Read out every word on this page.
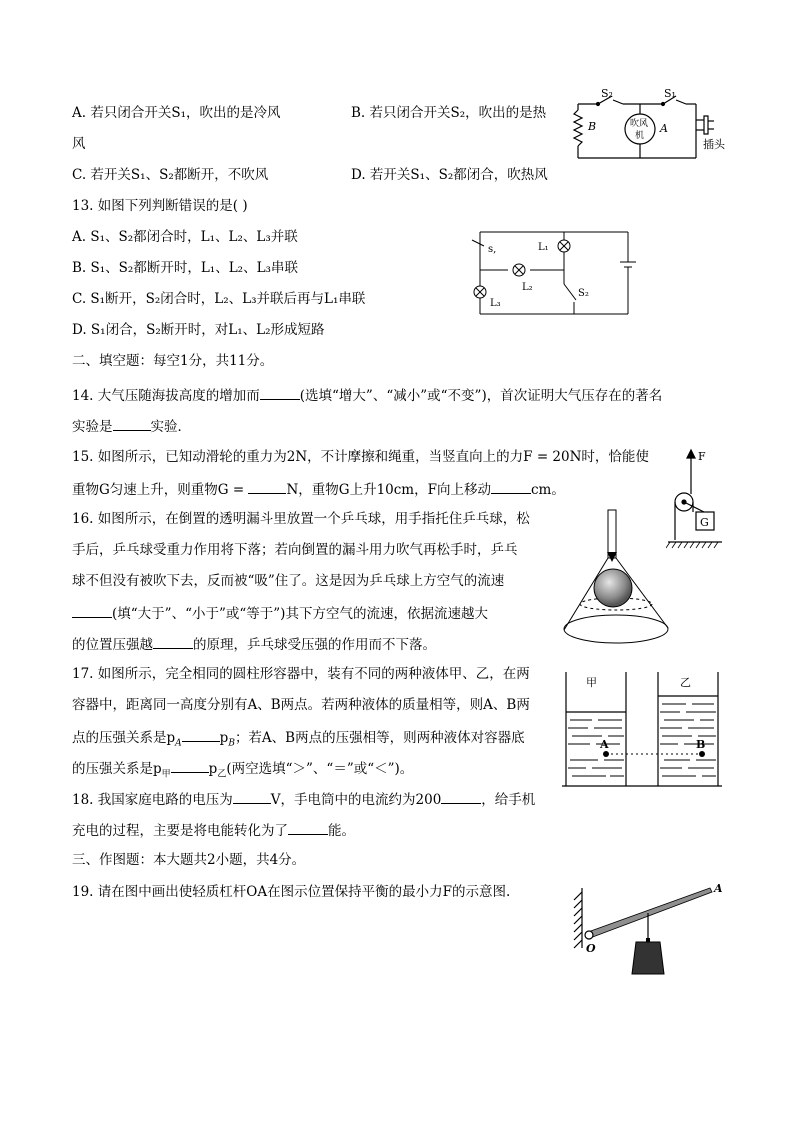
A. 若只闭合开关S₁，吹出的是冷风	B. 若只闭合开关S₂，吹出的是热
风
C. 若开关S₁、S₂都断开，不吹风	D. 若开关S₁、S₂都闭合，吹热风
S₂	S₁
B	吹风
机
A
插头
13. 如图下列判断错误的是( )
A. S₁、S₂都闭合时，L₁、L₂、L₃并联
B. S₁、S₂都断开时，L₁、L₂、L₃串联
C. S₁断开，S₂闭合时，L₂、L₃并联后再与L₁串联
D. S₁闭合，S₂断开时，对L₁、L₂形成短路
s,	L₁
L₂
L₃
S₂
二、填空题：每空1分，共11分。
14. 大气压随海拔高度的增加而	(选填“增大”、“减小”或“不变”)，首次证明大气压存在的著名
实验是	实验．
15. 如图所示，已知动滑轮的重力为2N，不计摩擦和绳重，当竖直向上的力F = 20N时，恰能使
重物G匀速上升，则重物G =	N，重物G上升10cm，F向上移动	cm。
F
G
16. 如图所示，在倒置的透明漏斗里放置一个乒乓球，用手指托住乒乓球，松
手后，乒乓球受重力作用将下落；若向倒置的漏斗用力吹气再松手时，乒乓
球不但没有被吹下去，反而被“吸”住了。这是因为乒乓球上方空气的流速
(填“大于”、“小于”或“等于”)其下方空气的流速，依据流速越大
的位置压强越	的原理，乒乓球受压强的作用而不下落。
17. 如图所示，完全相同的圆柱形容器中，装有不同的两种液体甲、乙，在两
容器中，距离同一高度分别有A、B两点。若两种液体的质量相等，则A、B两
点的压强关系是$p_A$	$p_B$；若A、B两点的压强相等，则两种液体对容器底
的压强关系是$p_甲$	$p_乙$(两空选填“＞”、“＝”或“＜”)。
甲	乙
A	B
18. 我国家庭电路的电压为	V，手电筒中的电流约为200	，给手机
充电的过程，主要是将电能转化为了	能。
三、作图题：本大题共2小题，共4分。
19. 请在图中画出使轻质杠杆OA在图示位置保持平衡的最小力F的示意图.	A
O
